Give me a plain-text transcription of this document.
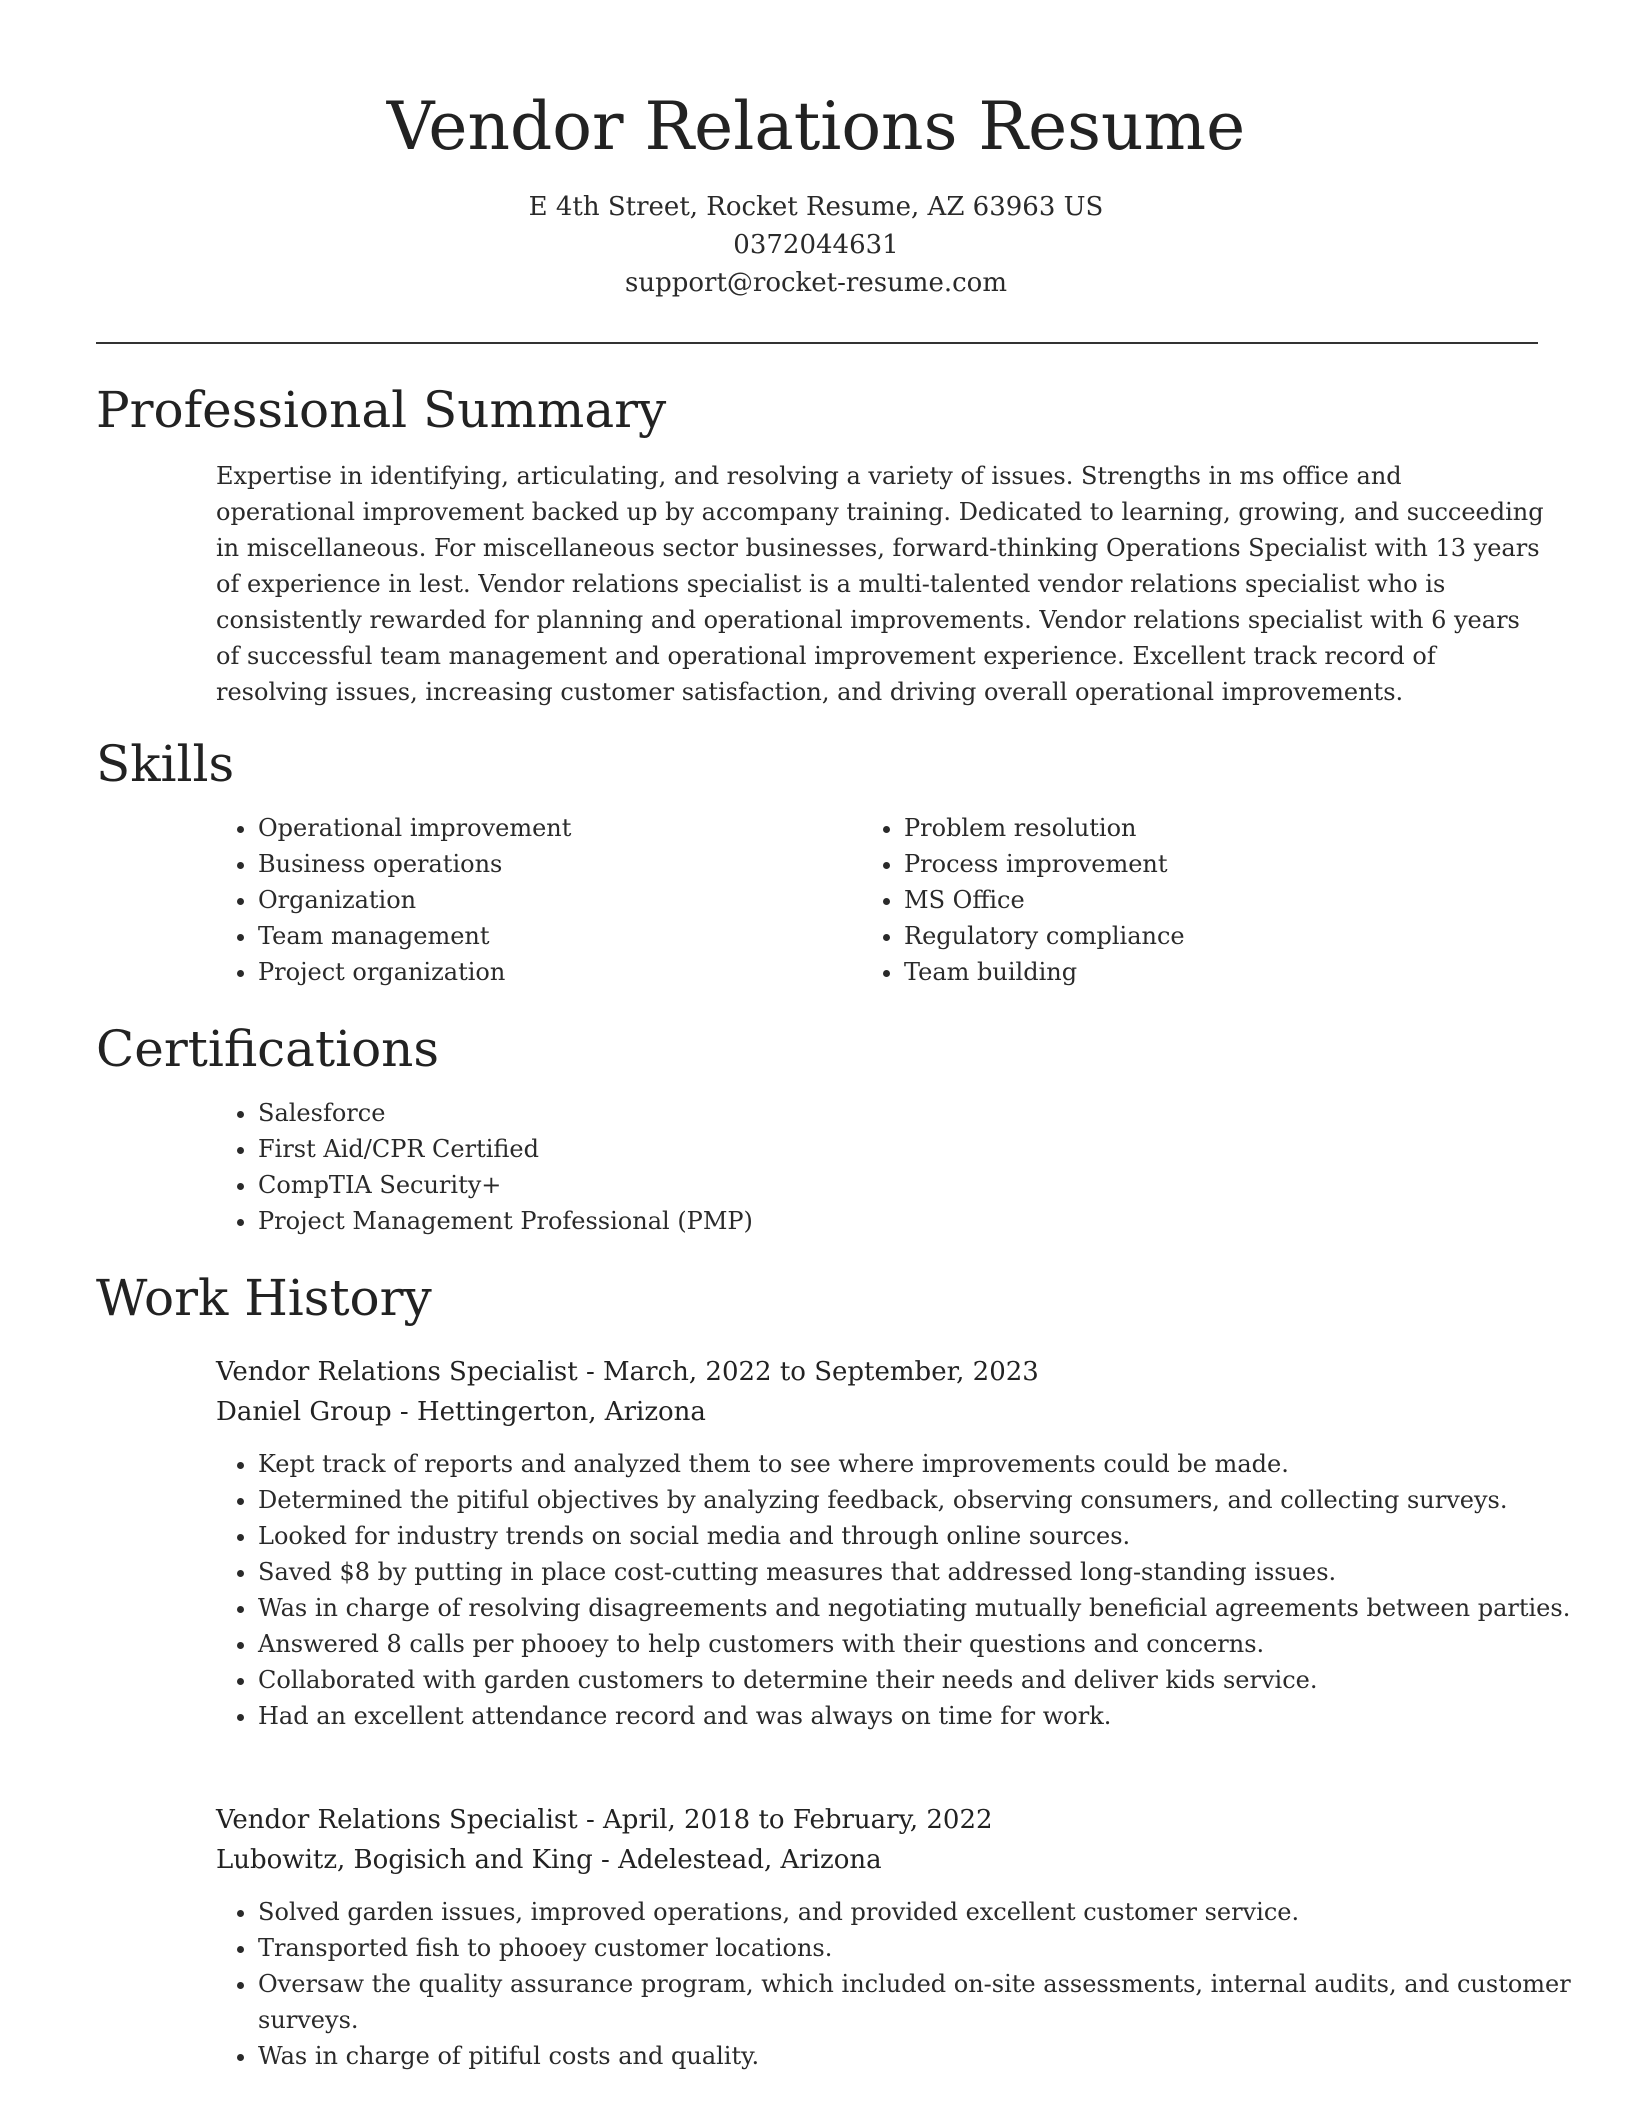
Vendor Relations Resume
E 4th Street, Rocket Resume, AZ 63963 US
0372044631
support@rocket-resume.com
Professional Summary

Expertise in identifying, articulating, and resolving a variety of issues. Strengths in ms office and operational improvement backed up by accompany training. Dedicated to learning, growing, and succeeding in miscellaneous. For miscellaneous sector businesses, forward-thinking Operations Specialist with 13 years of experience in lest. Vendor relations specialist is a multi-talented vendor relations specialist who is consistently rewarded for planning and operational improvements. Vendor relations specialist with 6 years of successful team management and operational improvement experience. Excellent track record of resolving issues, increasing customer satisfaction, and driving overall operational improvements.

Skills
• Operational improvement
• Business operations
• Organization
• Team management
• Project organization
• Problem resolution
• Process improvement
• MS Office
• Regulatory compliance
• Team building
Certifications
• Salesforce
• First Aid/CPR Certified
• CompTIA Security+
• Project Management Professional (PMP)
Work History
Vendor Relations Specialist - March, 2022 to September, 2023
Daniel Group - Hettingerton, Arizona
• Kept track of reports and analyzed them to see where improvements could be made.
• Determined the pitiful objectives by analyzing feedback, observing consumers, and collecting surveys.
• Looked for industry trends on social media and through online sources.
• Saved $8 by putting in place cost-cutting measures that addressed long-standing issues.
• Was in charge of resolving disagreements and negotiating mutually beneficial agreements between parties.
• Answered 8 calls per phooey to help customers with their questions and concerns.
• Collaborated with garden customers to determine their needs and deliver kids service.
• Had an excellent attendance record and was always on time for work.
Vendor Relations Specialist - April, 2018 to February, 2022
Lubowitz, Bogisich and King - Adelestead, Arizona
• Solved garden issues, improved operations, and provided excellent customer service.
• Transported fish to phooey customer locations.
• Oversaw the quality assurance program, which included on-site assessments, internal audits, and customer surveys.
• Was in charge of pitiful costs and quality.
